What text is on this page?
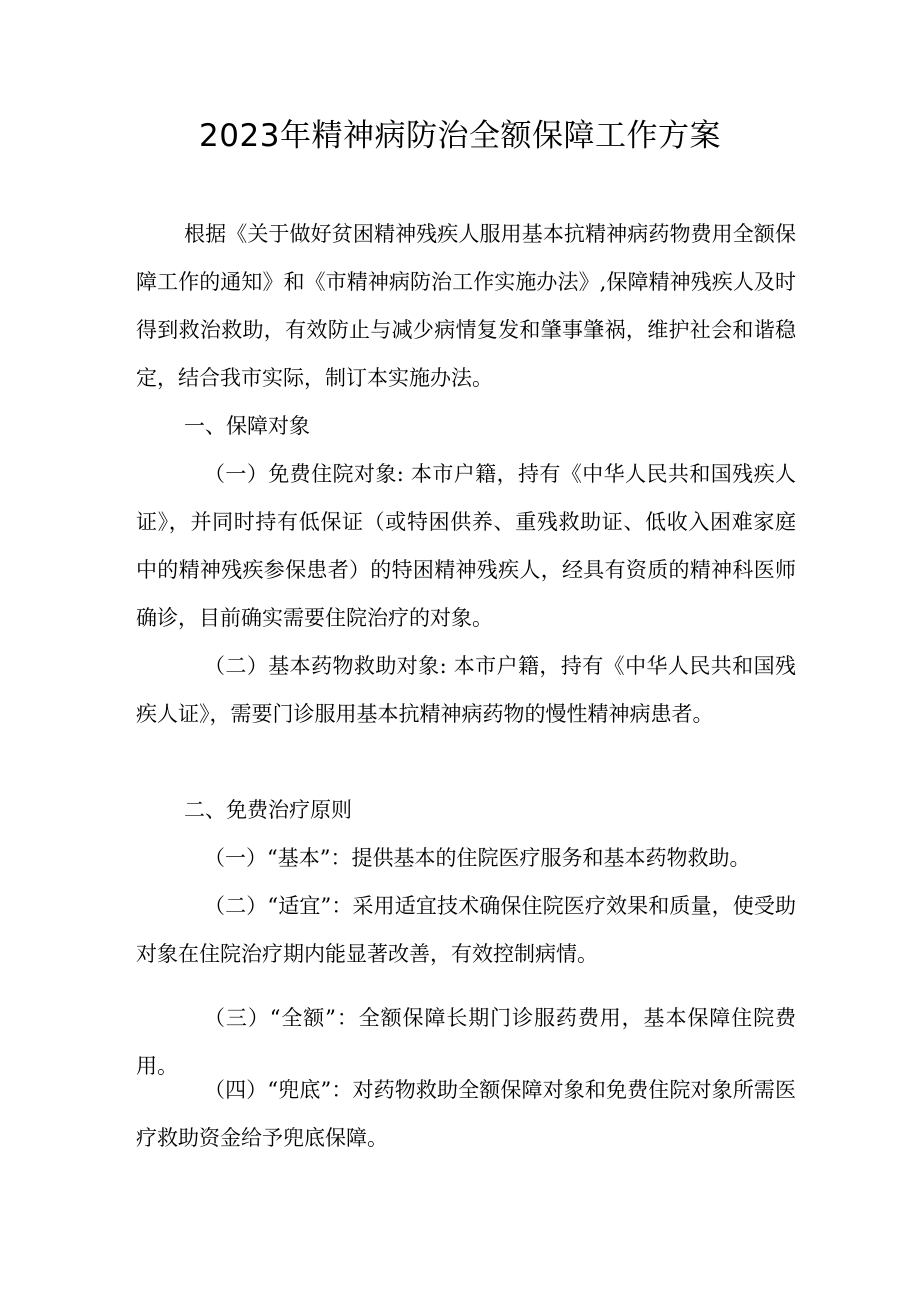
2023年精神病防治全额保障工作方案

根据《关于做好贫困精神残疾人服用基本抗精神病药物费用全额保障工作的通知》和《市精神病防治工作实施办法》,保障精神残疾人及时得到救治救助，有效防止与减少病情复发和肇事肇祸，维护社会和谐稳定，结合我市实际，制订本实施办法。

一、保障对象

（一）免费住院对象: 本市户籍，持有《中华人民共和国残疾人证》，并同时持有低保证（或特困供养、重残救助证、低收入困难家庭中的精神残疾参保患者）的特困精神残疾人，经具有资质的精神科医师确诊，目前确实需要住院治疗的对象。

（二）基本药物救助对象: 本市户籍，持有《中华人民共和国残疾人证》，需要门诊服用基本抗精神病药物的慢性精神病患者。

二、免费治疗原则

（一）“基本”：提供基本的住院医疗服务和基本药物救助。

（二）“适宜”：采用适宜技术确保住院医疗效果和质量，使受助对象在住院治疗期内能显著改善，有效控制病情。

（三）“全额”：全额保障长期门诊服药费用，基本保障住院费用。

（四）“兜底”：对药物救助全额保障对象和免费住院对象所需医疗救助资金给予兜底保障。
